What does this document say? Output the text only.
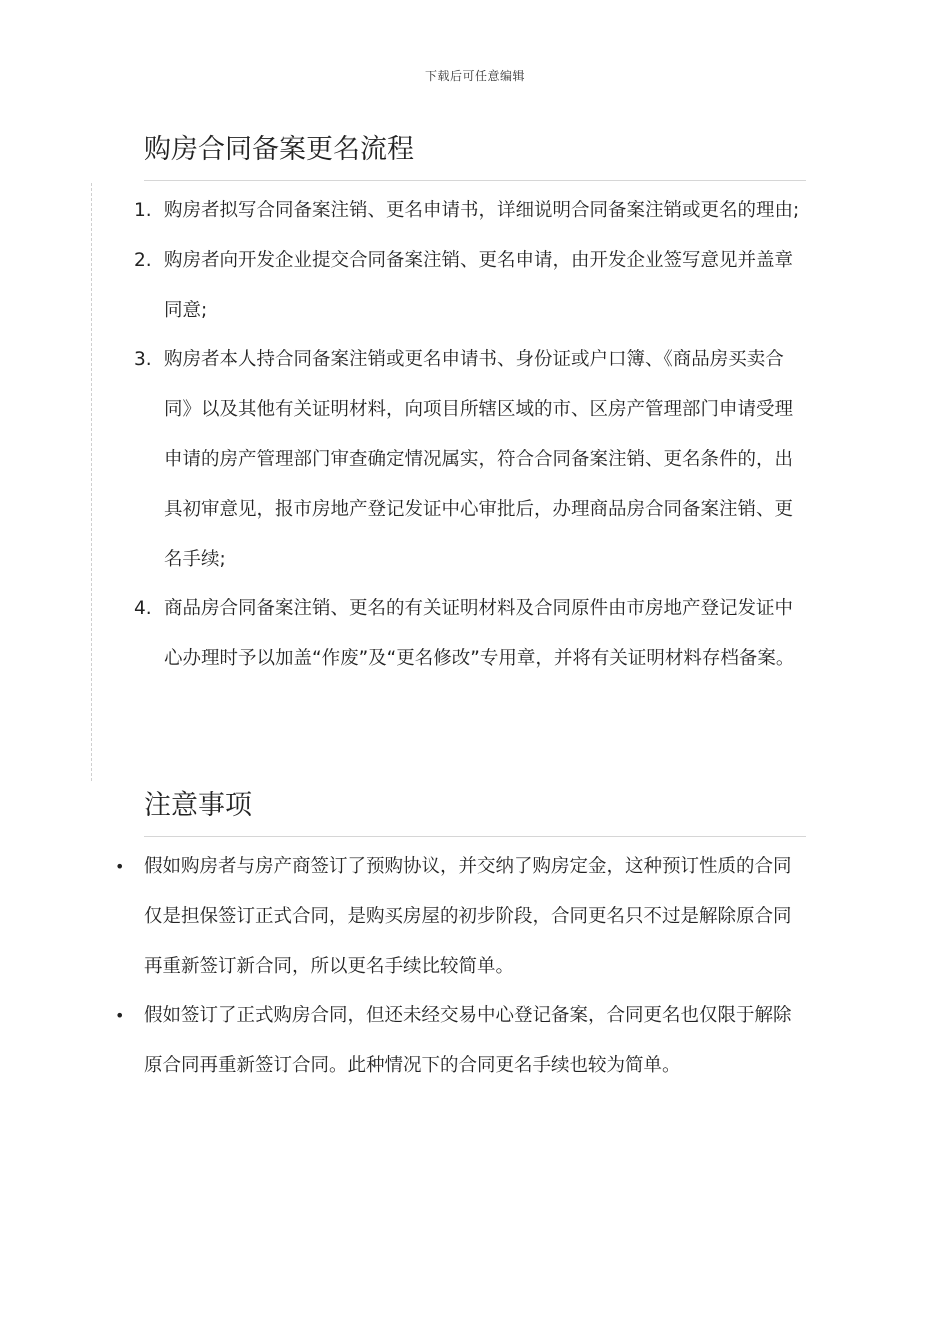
下载后可任意编辑
购房合同备案更名流程
1. 购房者拟写合同备案注销、更名申请书，详细说明合同备案注销或更名的理由;
2. 购房者向开发企业提交合同备案注销、更名申请，由开发企业签写意见并盖章同意;
3. 购房者本人持合同备案注销或更名申请书、身份证或户口簿、《商品房买卖合同》以及其他有关证明材料，向项目所辖区域的市、区房产管理部门申请受理申请的房产管理部门审查确定情况属实，符合合同备案注销、更名条件的，出具初审意见，报市房地产登记发证中心审批后，办理商品房合同备案注销、更名手续;
4. 商品房合同备案注销、更名的有关证明材料及合同原件由市房地产登记发证中心办理时予以加盖“作废”及“更名修改”专用章，并将有关证明材料存档备案。
注意事项
• 假如购房者与房产商签订了预购协议，并交纳了购房定金，这种预订性质的合同仅是担保签订正式合同，是购买房屋的初步阶段，合同更名只不过是解除原合同再重新签订新合同，所以更名手续比较简单。
• 假如签订了正式购房合同，但还未经交易中心登记备案，合同更名也仅限于解除原合同再重新签订合同。此种情况下的合同更名手续也较为简单。
